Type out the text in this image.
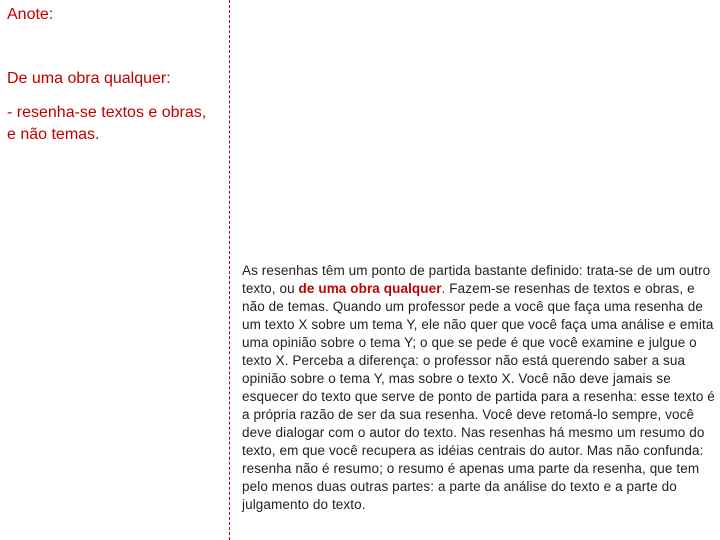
Anote:

De uma obra qualquer:

- resenha-se textos e obras, e não temas.

As resenhas têm um ponto de partida bastante definido: trata-se de um outro texto, ou de uma obra qualquer. Fazem-se resenhas de textos e obras, e não de temas. Quando um professor pede a você que faça uma resenha de um texto X sobre um tema Y, ele não quer que você faça uma análise e emita uma opinião sobre o tema Y; o que se pede é que você examine e julgue o texto X. Perceba a diferença: o professor não está querendo saber a sua opinião sobre o tema Y, mas sobre o texto X. Você não deve jamais se esquecer do texto que serve de ponto de partida para a resenha: esse texto é a própria razão de ser da sua resenha. Você deve retomá-lo sempre, você deve dialogar com o autor do texto. Nas resenhas há mesmo um resumo do texto, em que você recupera as idéias centrais do autor. Mas não confunda: resenha não é resumo; o resumo é apenas uma parte da resenha, que tem pelo menos duas outras partes: a parte da análise do texto e a parte do julgamento do texto.
